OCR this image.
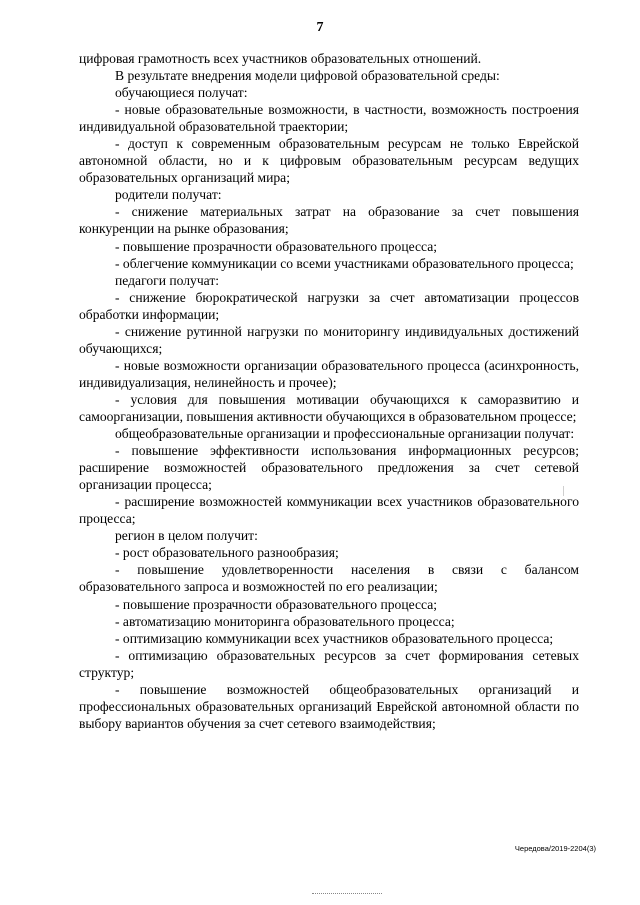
7

цифровая грамотность всех участников образовательных отношений.

В результате внедрения модели цифровой образовательной среды:

обучающиеся получат:

- новые образовательные возможности, в частности, возможность построения индивидуальной образовательной траектории;

- доступ к современным образовательным ресурсам не только Еврейской автономной области, но и к цифровым образовательным ресурсам ведущих образовательных организаций мира;

родители получат:

- снижение материальных затрат на образование за счет повышения конкуренции на рынке образования;

- повышение прозрачности образовательного процесса;

- облегчение коммуникации со всеми участниками образовательного процесса;

педагоги получат:

- снижение бюрократической нагрузки за счет автоматизации процессов обработки информации;

- снижение рутинной нагрузки по мониторингу индивидуальных достижений обучающихся;

- новые возможности организации образовательного процесса (асинхронность, индивидуализация, нелинейность и прочее);

- условия для повышения мотивации обучающихся к саморазвитию и самоорганизации, повышения активности обучающихся в образовательном процессе;

общеобразовательные организации и профессиональные организации получат:

- повышение эффективности использования информационных ресурсов; расширение возможностей образовательного предложения за счет сетевой организации процесса;

- расширение возможностей коммуникации всех участников образовательного процесса;

регион в целом получит:

- рост образовательного разнообразия;

- повышение удовлетворенности населения в связи с балансом образовательного запроса и возможностей по его реализации;

- повышение прозрачности образовательного процесса;

- автоматизацию мониторинга образовательного процесса;

- оптимизацию коммуникации всех участников образовательного процесса;

- оптимизацию образовательных ресурсов за счет формирования сетевых структур;

- повышение возможностей общеобразовательных организаций и профессиональных образовательных организаций Еврейской автономной области по выбору вариантов обучения за счет сетевого взаимодействия;

Чередова/2019-2204(3)
